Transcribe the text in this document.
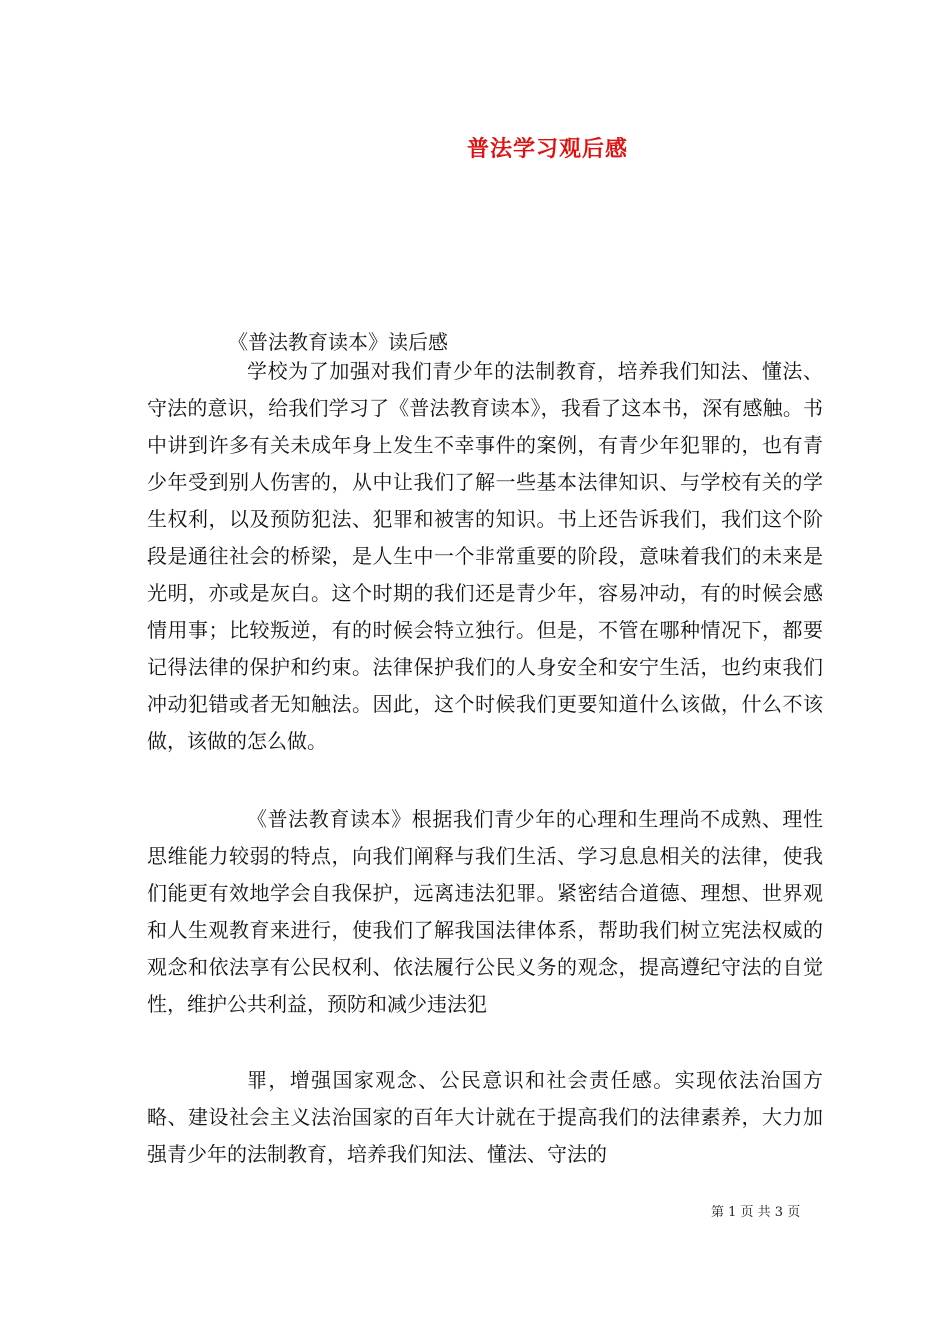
普法学习观后感
《普法教育读本》读后感

学校为了加强对我们青少年的法制教育，培养我们知法、懂法、守法的意识，给我们学习了《普法教育读本》，我看了这本书，深有感触。书中讲到许多有关未成年身上发生不幸事件的案例，有青少年犯罪的，也有青少年受到别人伤害的，从中让我们了解一些基本法律知识、与学校有关的学生权利，以及预防犯法、犯罪和被害的知识。书上还告诉我们，我们这个阶段是通往社会的桥梁，是人生中一个非常重要的阶段，意味着我们的未来是光明，亦或是灰白。这个时期的我们还是青少年，容易冲动，有的时候会感情用事；比较叛逆，有的时候会特立独行。但是，不管在哪种情况下，都要记得法律的保护和约束。法律保护我们的人身安全和安宁生活，也约束我们冲动犯错或者无知触法。因此，这个时候我们更要知道什么该做，什么不该做，该做的怎么做。

《普法教育读本》根据我们青少年的心理和生理尚不成熟、理性思维能力较弱的特点，向我们阐释与我们生活、学习息息相关的法律，使我们能更有效地学会自我保护，远离违法犯罪。紧密结合道德、理想、世界观和人生观教育来进行，使我们了解我国法律体系，帮助我们树立宪法权威的观念和依法享有公民权利、依法履行公民义务的观念，提高遵纪守法的自觉性，维护公共利益，预防和减少违法犯

罪，增强国家观念、公民意识和社会责任感。实现依法治国方略、建设社会主义法治国家的百年大计就在于提高我们的法律素养，大力加强青少年的法制教育，培养我们知法、懂法、守法的

第 1 页 共 3 页
